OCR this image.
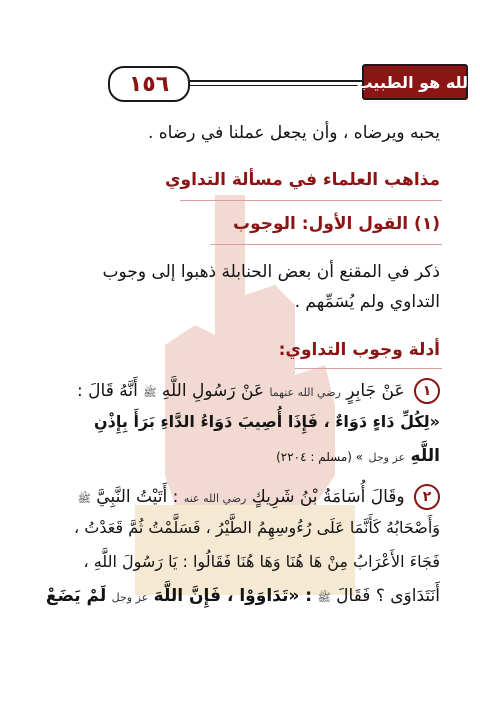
١٥٦	الله هو الطبيب
يحبه ويرضاه ، وأن يجعل عملنا في رضاه .
مذاهب العلماء في مسألة التداوي
(١) القول الأول: الوجوب
ذكر في المقنع أن بعض الحنابلة ذهبوا إلى وجوب
التداوي ولم يُسَمِّهم .
أدلة وجوب التداوي:
١ عَنْ جَابِرٍ رضي الله عنهما عَنْ رَسُولِ اللَّهِ ﷺ أَنَّهُ قَالَ :
«لِكُلِّ دَاءٍ دَوَاءٌ ، فَإِذَا أُصِيبَ دَوَاءُ الدَّاءِ بَرَأَ بِإِذْنِ
اللَّهِ عز وجل » (مسلم : ٢٢٠٤)
٢ وقَالَ أُسَامَةُ بْنُ شَرِيكٍ رضي الله عنه : أَتَيْتُ النَّبِيَّ ﷺ
وَأَصْحَابُهُ كَأَنَّمَا عَلَى رُءُوسِهِمُ الطَّيْرُ ، فَسَلَّمْتُ ثُمَّ قَعَدْتُ ،
فَجَاءَ الأَعْرَابُ مِنْ هَا هُنَا وَهَا هُنَا فَقَالُوا : يَا رَسُولَ اللَّهِ ،
أَنَتَدَاوَى ؟ فَقَالَ ﷺ : «تَدَاوَوْا ، فَإِنَّ اللَّهَ عز وجل لَمْ يَضَعْ
